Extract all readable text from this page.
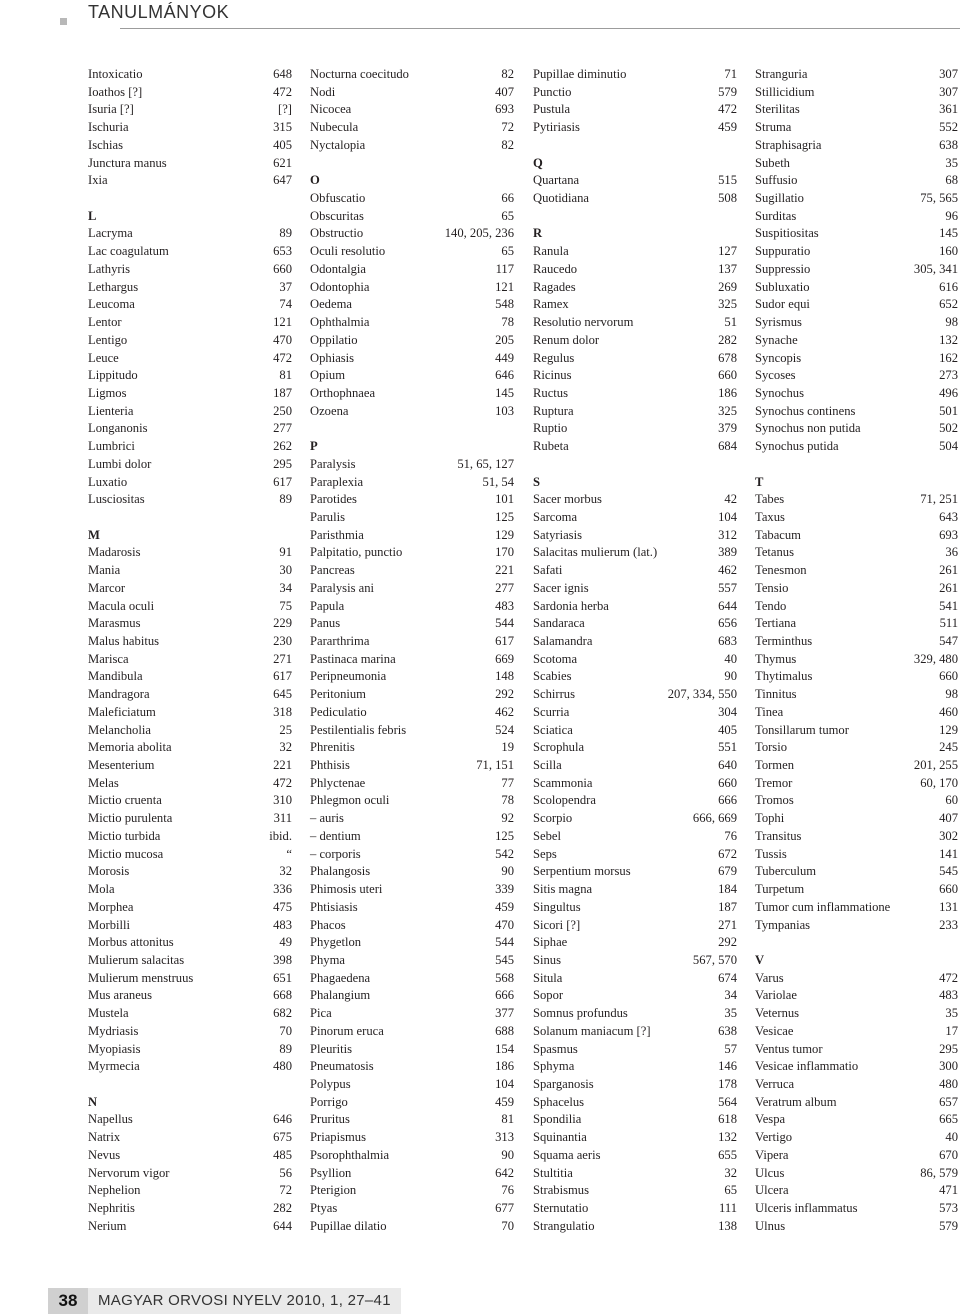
TANULMÁNYOK
Intoxicatio	648
Ioathos [?]	472
Isuria [?]	[?]
Ischuria	315
Ischias	405
Junctura manus	621
Ixia	647
L
Lacryma	89
Lac coagulatum	653
Lathyris	660
Lethargus	37
Leucoma	74
Lentor	121
Lentigo	470
Leuce	472
Lippitudo	81
Ligmos	187
Lienteria	250
Longanonis	277
Lumbrici	262
Lumbi dolor	295
Luxatio	617
Lusciositas	89
M
Madarosis	91
Mania	30
Marcor	34
Macula oculi	75
Marasmus	229
Malus habitus	230
Marisca	271
Mandibula	617
Mandragora	645
Maleficiatum	318
Melancholia	25
Memoria abolita	32
Mesenterium	221
Melas	472
Mictio cruenta	310
Mictio purulenta	311
Mictio turbida	ibid.
Mictio mucosa	“
Morosis	32
Mola	336
Morphea	475
Morbilli	483
Morbus attonitus	49
Mulierum salacitas	398
Mulierum menstruus	651
Mus araneus	668
Mustela	682
Mydriasis	70
Myopiasis	89
Myrmecia	480
N
Napellus	646
Natrix	675
Nevus	485
Nervorum vigor	56
Nephelion	72
Nephritis	282
Nerium	644
Nocturna coecitudo	82
Nodi	407
Nicocea	693
Nubecula	72
Nyctalopia	82
O
Obfuscatio	66
Obscuritas	65
Obstructio	140, 205, 236
Oculi resolutio	65
Odontalgia	117
Odontophia	121
Oedema	548
Ophthalmia	78
Oppilatio	205
Ophiasis	449
Opium	646
Orthophnaea	145
Ozoena	103
P
Paralysis	51, 65, 127
Paraplexia	51, 54
Parotides	101
Parulis	125
Paristhmia	129
Palpitatio, punctio	170
Pancreas	221
Paralysis ani	277
Papula	483
Panus	544
Pararthrima	617
Pastinaca marina	669
Peripneumonia	148
Peritonium	292
Pediculatio	462
Pestilentialis febris	524
Phrenitis	19
Phthisis	71, 151
Phlyctenae	77
Phlegmon oculi	78
– auris	92
– dentium	125
– corporis	542
Phalangosis	90
Phimosis uteri	339
Phtisiasis	459
Phacos	470
Phygetlon	544
Phyma	545
Phagaedena	568
Phalangium	666
Pica	377
Pinorum eruca	688
Pleuritis	154
Pneumatosis	186
Polypus	104
Porrigo	459
Pruritus	81
Priapismus	313
Psorophthalmia	90
Psyllion	642
Pterigion	76
Ptyas	677
Pupillae dilatio	70
Pupillae diminutio	71
Punctio	579
Pustula	472
Pytiriasis	459
Q
Quartana	515
Quotidiana	508
R
Ranula	127
Raucedo	137
Ragades	269
Ramex	325
Resolutio nervorum	51
Renum dolor	282
Regulus	678
Ricinus	660
Ructus	186
Ruptura	325
Ruptio	379
Rubeta	684
S
Sacer morbus	42
Sarcoma	104
Satyriasis	312
Salacitas mulierum (lat.)	389
Safati	462
Sacer ignis	557
Sardonia herba	644
Sandaraca	656
Salamandra	683
Scotoma	40
Scabies	90
Schirrus	207, 334, 550
Scurria	304
Sciatica	405
Scrophula	551
Scilla	640
Scammonia	660
Scolopendra	666
Scorpio	666, 669
Sebel	76
Seps	672
Serpentium morsus	679
Sitis magna	184
Singultus	187
Sicori [?]	271
Siphae	292
Sinus	567, 570
Situla	674
Sopor	34
Somnus profundus	35
Solanum maniacum [?]	638
Spasmus	57
Sphyma	146
Sparganosis	178
Sphacelus	564
Spondilia	618
Squinantia	132
Squama aeris	655
Stultitia	32
Strabismus	65
Sternutatio	111
Strangulatio	138
Stranguria	307
Stillicidium	307
Sterilitas	361
Struma	552
Straphisagria	638
Subeth	35
Suffusio	68
Sugillatio	75, 565
Surditas	96
Suspitiositas	145
Suppuratio	160
Suppressio	305, 341
Subluxatio	616
Sudor equi	652
Syrismus	98
Synache	132
Syncopis	162
Sycoses	273
Synochus	496
Synochus continens	501
Synochus non putida	502
Synochus putida	504
T
Tabes	71, 251
Taxus	643
Tabacum	693
Tetanus	36
Tenesmon	261
Tensio	261
Tendo	541
Tertiana	511
Terminthus	547
Thymus	329, 480
Thytimalus	660
Tinnitus	98
Tinea	460
Tonsillarum tumor	129
Torsio	245
Tormen	201, 255
Tremor	60, 170
Tromos	60
Tophi	407
Transitus	302
Tussis	141
Tuberculum	545
Turpetum	660
Tumor cum inflammatione	131
Tympanias	233
V
Varus	472
Variolae	483
Veternus	35
Vesicae	17
Ventus tumor	295
Vesicae inflammatio	300
Verruca	480
Veratrum album	657
Vespa	665
Vertigo	40
Vipera	670
Ulcus	86, 579
Ulcera	471
Ulceris inflammatus	573
Ulnus	579
38	MAGYAR ORVOSI NYELV 2010, 1, 27–41
